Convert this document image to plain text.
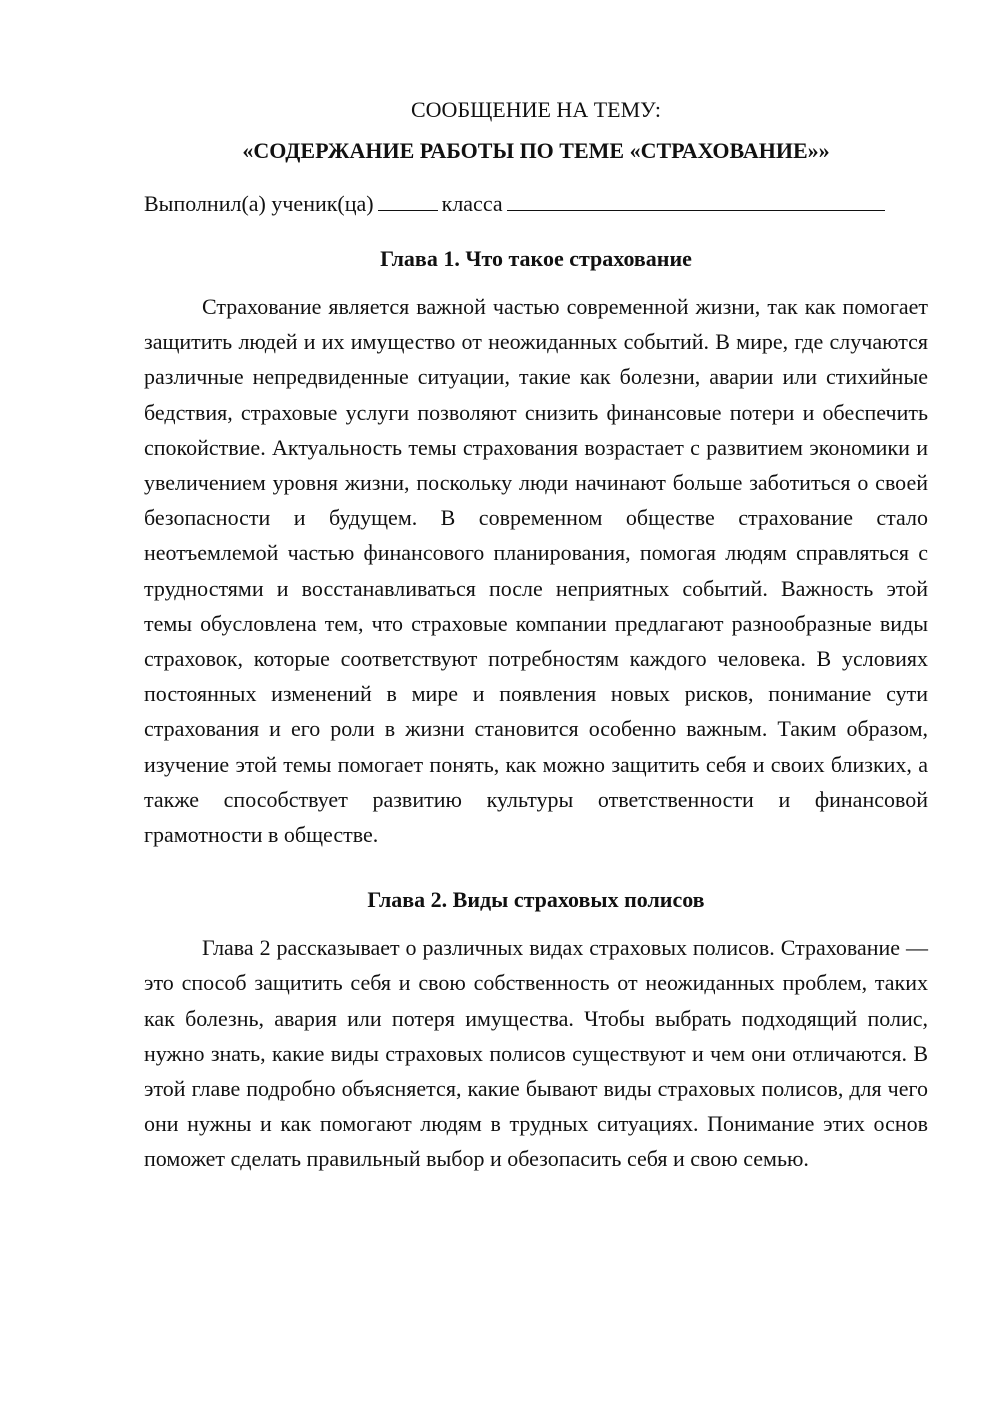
СООБЩЕНИЕ НА ТЕМУ:

«СОДЕРЖАНИЕ РАБОТЫ ПО ТЕМЕ «СТРАХОВАНИЕ»»

Выполнил(а) ученик(ца)	класса

Глава 1. Что такое страхование

Страхование является важной частью современной жизни, так как помогает защитить людей и их имущество от неожиданных событий. В мире, где случаются различные непредвиденные ситуации, такие как болезни, аварии или стихийные бедствия, страховые услуги позволяют снизить финансовые потери и обеспечить спокойствие. Актуальность темы страхования возрастает с развитием экономики и увеличением уровня жизни, поскольку люди начинают больше заботиться о своей безопасности и будущем. В современном обществе страхование стало неотъемлемой частью финансового планирования, помогая людям справляться с трудностями и восстанавливаться после неприятных событий. Важность этой темы обусловлена тем, что страховые компании предлагают разнообразные виды страховок, которые соответствуют потребностям каждого человека. В условиях постоянных изменений в мире и появления новых рисков, понимание сути страхования и его роли в жизни становится особенно важным. Таким образом, изучение этой темы помогает понять, как можно защитить себя и своих близких, а также способствует развитию культуры ответственности и финансовой грамотности в обществе.

Глава 2. Виды страховых полисов

Глава 2 рассказывает о различных видах страховых полисов. Страхование — это способ защитить себя и свою собственность от неожиданных проблем, таких как болезнь, авария или потеря имущества. Чтобы выбрать подходящий полис, нужно знать, какие виды страховых полисов существуют и чем они отличаются. В этой главе подробно объясняется, какие бывают виды страховых полисов, для чего они нужны и как помогают людям в трудных ситуациях. Понимание этих основ поможет сделать правильный выбор и обезопасить себя и свою семью.
